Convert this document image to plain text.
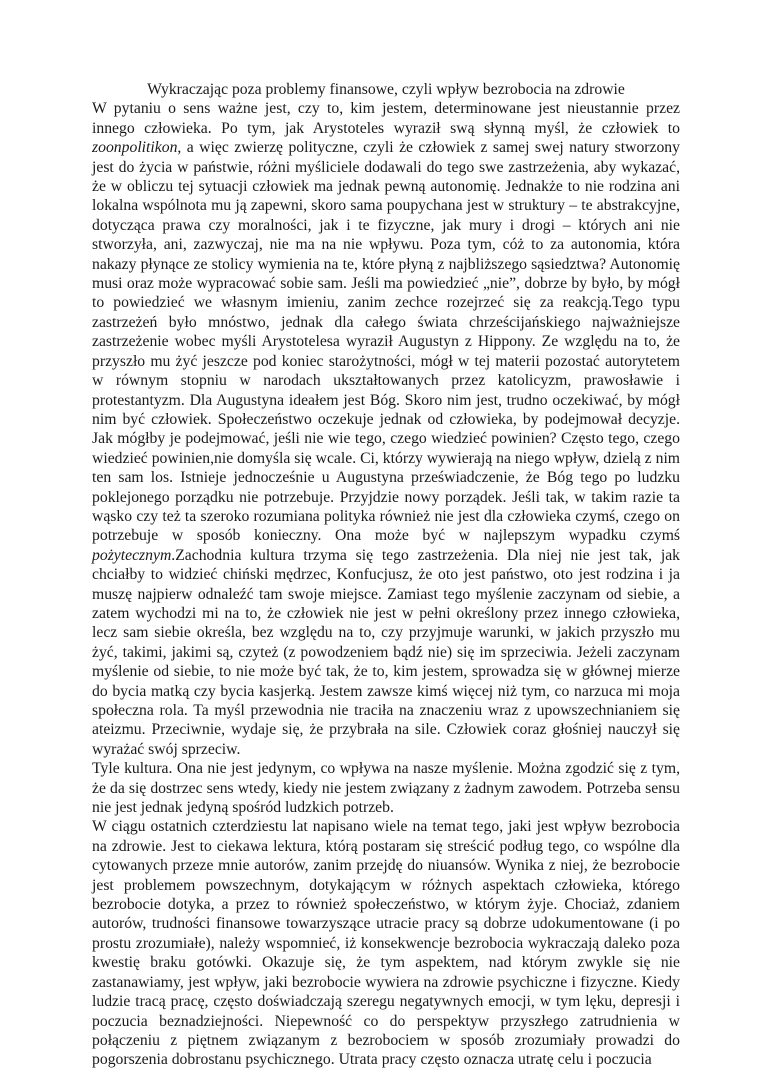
Wykraczając poza problemy finansowe, czyli wpływ bezrobocia na zdrowie

W pytaniu o sens ważne jest, czy to, kim jestem, determinowane jest nieustannie przez innego człowieka. Po tym, jak Arystoteles wyraził swą słynną myśl, że człowiek to zoonpolitikon, a więc zwierzę polityczne, czyli że człowiek z samej swej natury stworzony jest do życia w państwie, różni myśliciele dodawali do tego swe zastrzeżenia, aby wykazać, że w obliczu tej sytuacji człowiek ma jednak pewną autonomię. Jednakże to nie rodzina ani lokalna wspólnota mu ją zapewni, skoro sama poupychana jest w struktury – te abstrakcyjne, dotycząca prawa czy moralności, jak i te fizyczne, jak mury i drogi – których ani nie stworzyła, ani, zazwyczaj, nie ma na nie wpływu. Poza tym, cóż to za autonomia, która nakazy płynące ze stolicy wymienia na te, które płyną z najbliższego sąsiedztwa? Autonomię musi oraz może wypracować sobie sam. Jeśli ma powiedzieć „nie”, dobrze by było, by mógł to powiedzieć we własnym imieniu, zanim zechce rozejrzeć się za reakcją.Tego typu zastrzeżeń było mnóstwo, jednak dla całego świata chrześcijańskiego najważniejsze zastrzeżenie wobec myśli Arystotelesa wyraził Augustyn z Hippony. Ze względu na to, że przyszło mu żyć jeszcze pod koniec starożytności, mógł w tej materii pozostać autorytetem w równym stopniu w narodach ukształtowanych przez katolicyzm, prawosławie i protestantyzm. Dla Augustyna ideałem jest Bóg. Skoro nim jest, trudno oczekiwać, by mógł nim być człowiek. Społeczeństwo oczekuje jednak od człowieka, by podejmował decyzje. Jak mógłby je podejmować, jeśli nie wie tego, czego wiedzieć powinien? Często tego, czego wiedzieć powinien,nie domyśla się wcale. Ci, którzy wywierają na niego wpływ, dzielą z nim ten sam los. Istnieje jednocześnie u Augustyna przeświadczenie, że Bóg tego po ludzku poklejonego porządku nie potrzebuje. Przyjdzie nowy porządek. Jeśli tak, w takim razie ta wąsko czy też ta szeroko rozumiana polityka również nie jest dla człowieka czymś, czego on potrzebuje w sposób konieczny. Ona może być w najlepszym wypadku czymś pożytecznym.Zachodnia kultura trzyma się tego zastrzeżenia. Dla niej nie jest tak, jak chciałby to widzieć chiński mędrzec, Konfucjusz, że oto jest państwo, oto jest rodzina i ja muszę najpierw odnaleźć tam swoje miejsce. Zamiast tego myślenie zaczynam od siebie, a zatem wychodzi mi na to, że człowiek nie jest w pełni określony przez innego człowieka, lecz sam siebie określa, bez względu na to, czy przyjmuje warunki, w jakich przyszło mu żyć, takimi, jakimi są, czyteż (z powodzeniem bądź nie) się im sprzeciwia. Jeżeli zaczynam myślenie od siebie, to nie może być tak, że to, kim jestem, sprowadza się w głównej mierze do bycia matką czy bycia kasjerką. Jestem zawsze kimś więcej niż tym, co narzuca mi moja społeczna rola. Ta myśl przewodnia nie traciła na znaczeniu wraz z upowszechnianiem się ateizmu. Przeciwnie, wydaje się, że przybrała na sile. Człowiek coraz głośniej nauczył się wyrażać swój sprzeciw.

Tyle kultura. Ona nie jest jedynym, co wpływa na nasze myślenie. Można zgodzić się z tym, że da się dostrzec sens wtedy, kiedy nie jestem związany z żadnym zawodem. Potrzeba sensu nie jest jednak jedyną spośród ludzkich potrzeb.

W ciągu ostatnich czterdziestu lat napisano wiele na temat tego, jaki jest wpływ bezrobocia na zdrowie. Jest to ciekawa lektura, którą postaram się streścić podług tego, co wspólne dla cytowanych przeze mnie autorów, zanim przejdę do niuansów. Wynika z niej, że bezrobocie jest problemem powszechnym, dotykającym w różnych aspektach człowieka, którego bezrobocie dotyka, a przez to również społeczeństwo, w którym żyje. Chociaż, zdaniem autorów, trudności finansowe towarzyszące utracie pracy są dobrze udokumentowane (i po prostu zrozumiałe), należy wspomnieć, iż konsekwencje bezrobocia wykraczają daleko poza kwestię braku gotówki. Okazuje się, że tym aspektem, nad którym zwykle się nie zastanawiamy, jest wpływ, jaki bezrobocie wywiera na zdrowie psychiczne i fizyczne. Kiedy ludzie tracą pracę, często doświadczają szeregu negatywnych emocji, w tym lęku, depresji i poczucia beznadziejności. Niepewność co do perspektyw przyszłego zatrudnienia w połączeniu z piętnem związanym z bezrobociem w sposób zrozumiały prowadzi do pogorszenia dobrostanu psychicznego. Utrata pracy często oznacza utratę celu i poczucia
